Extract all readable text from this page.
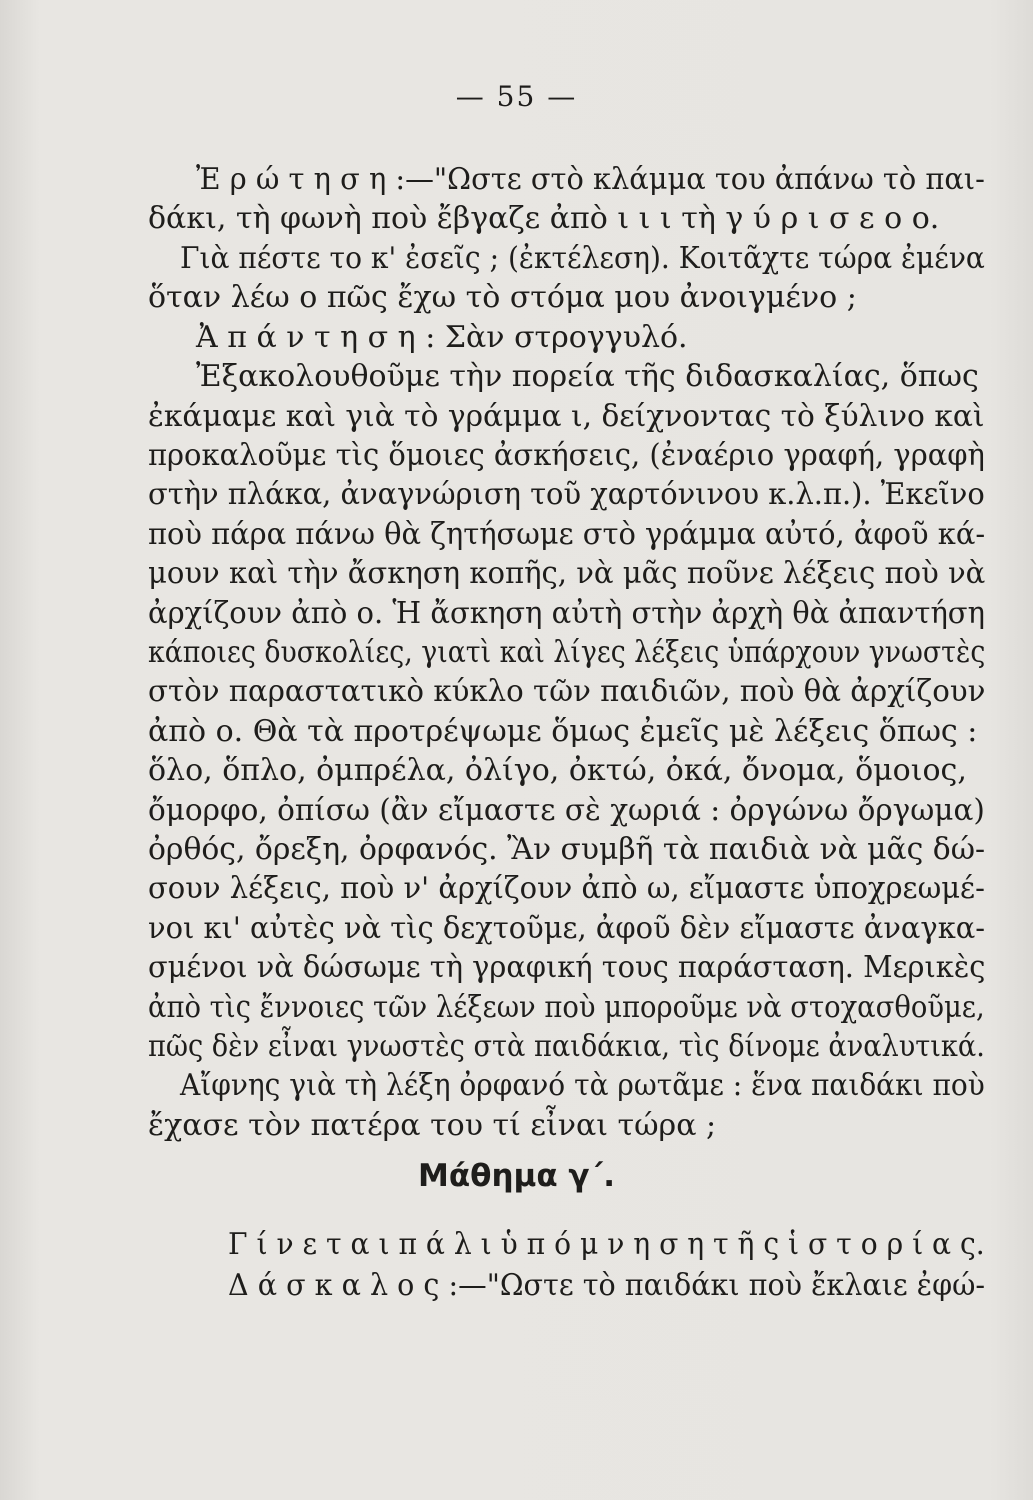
— 55 —
Ἐ ρ ώ τ η σ η :—"Ωστε στὸ κλάμμα του ἀπάνω τὸ παι-
δάκι, τὴ φωνὴ ποὺ ἔβγαζε ἀπὸ ι ι ι τὴ γ ύ ρ ι σ ε ο ο.
Γιὰ πέστε το κ' ἐσεῖς ; (ἐκτέλεση). Κοιτᾶχτε τώρα ἐμένα
ὅταν λέω ο πῶς ἔχω τὸ στόμα μου ἀνοιγμένο ;
Ἀ π ά ν τ η σ η : Σὰν στρογγυλό.
Ἐξακολουθοῦμε τὴν πορεία τῆς διδασκαλίας, ὅπως
ἐκάμαμε καὶ γιὰ τὸ γράμμα ι, δείχνοντας τὸ ξύλινο καὶ
προκαλοῦμε τὶς ὅμοιες ἀσκήσεις, (ἐναέριο γραφή, γραφὴ
στὴν πλάκα, ἀναγνώριση τοῦ χαρτόνινου κ.λ.π.). Ἐκεῖνο
ποὺ πάρα πάνω θὰ ζητήσωμε στὸ γράμμα αὐτό, ἀφοῦ κά-
μουν καὶ τὴν ἄσκηση κοπῆς, νὰ μᾶς ποῦνε λέξεις ποὺ νὰ
ἀρχίζουν ἀπὸ ο. Ἡ ἄσκηση αὐτὴ στὴν ἀρχὴ θὰ ἀπαντήση
κάποιες δυσκολίες, γιατὶ καὶ λίγες λέξεις ὑπάρχουν γνωστὲς
στὸν παραστατικὸ κύκλο τῶν παιδιῶν, ποὺ θὰ ἀρχίζουν
ἀπὸ ο. Θὰ τὰ προτρέψωμε ὅμως ἐμεῖς μὲ λέξεις ὅπως :
ὅλο, ὅπλο, ὀμπρέλα, ὀλίγο, ὀκτώ, ὀκά, ὄνομα, ὅμοιος,
ὄμορφο, ὀπίσω (ἂν εἴμαστε σὲ χωριά : ὀργώνω ὄργωμα)
ὀρθός, ὄρεξη, ὀρφανός. Ἂν συμβῆ τὰ παιδιὰ νὰ μᾶς δώ-
σουν λέξεις, ποὺ ν' ἀρχίζουν ἀπὸ ω, εἴμαστε ὑποχρεωμέ-
νοι κι' αὐτὲς νὰ τὶς δεχτοῦμε, ἀφοῦ δὲν εἴμαστε ἀναγκα-
σμένοι νὰ δώσωμε τὴ γραφική τους παράσταση. Μερικὲς
ἀπὸ τὶς ἔννοιες τῶν λέξεων ποὺ μποροῦμε νὰ στοχασθοῦμε,
πῶς δὲν εἶναι γνωστὲς στὰ παιδάκια, τὶς δίνομε ἀναλυτικά.
Αἴφνης γιὰ τὴ λέξη ὀρφανό τὰ ρωτᾶμε : ἕνα παιδάκι ποὺ
ἔχασε τὸν πατέρα του τί εἶναι τώρα ;
Μάθημα γ΄.
Γ ί ν ε τ α ι π ά λ ι ὑ π ό μ ν η σ η τ ῆ ς ἱ σ τ ο ρ ί α ς.
Δ ά σ κ α λ ο ς :—"Ωστε τὸ παιδάκι ποὺ ἔκλαιε ἐφώ-
